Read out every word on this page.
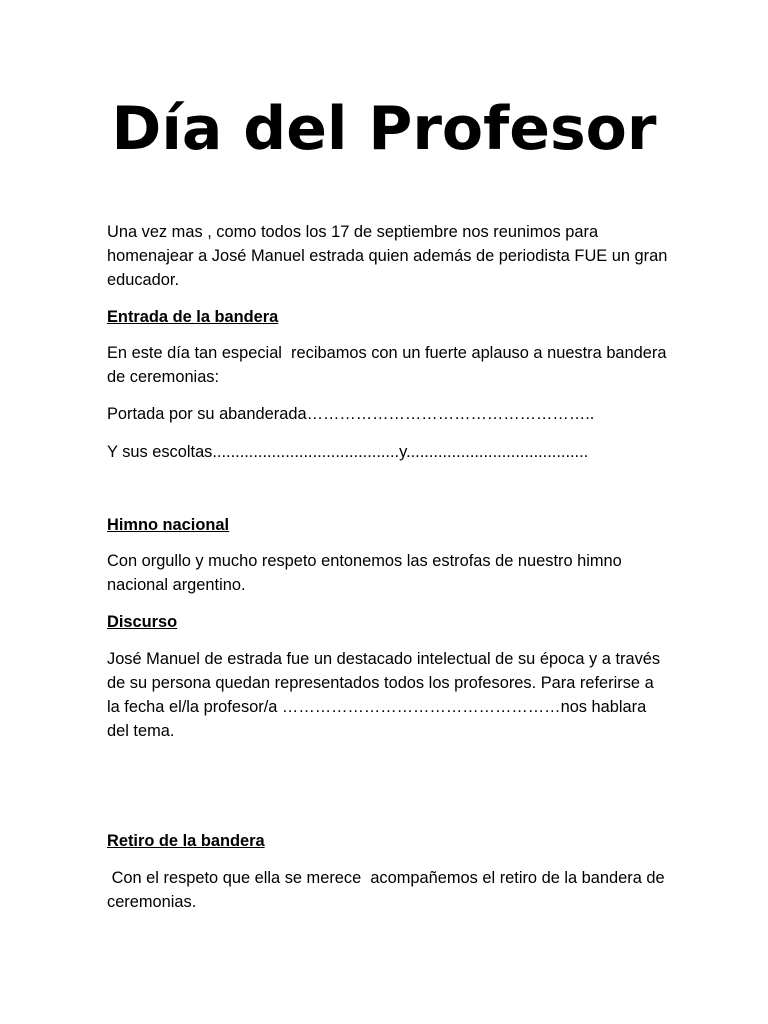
Día del Profesor

Una vez mas , como todos los 17 de septiembre nos reunimos para homenajear a José Manuel estrada quien además de periodista FUE un gran educador.

Entrada de la bandera

En este día tan especial  recibamos con un fuerte aplauso a nuestra bandera de ceremonias:

Portada por su abanderada……………………………………………..

Y sus escoltas.........................................y........................................

Himno nacional

Con orgullo y mucho respeto entonemos las estrofas de nuestro himno nacional argentino.

Discurso

José Manuel de estrada fue un destacado intelectual de su época y a través de su persona quedan representados todos los profesores. Para referirse a la fecha el/la profesor/a ……………………………………………nos hablara del tema.

Retiro de la bandera

Con el respeto que ella se merece  acompañemos el retiro de la bandera de ceremonias.
